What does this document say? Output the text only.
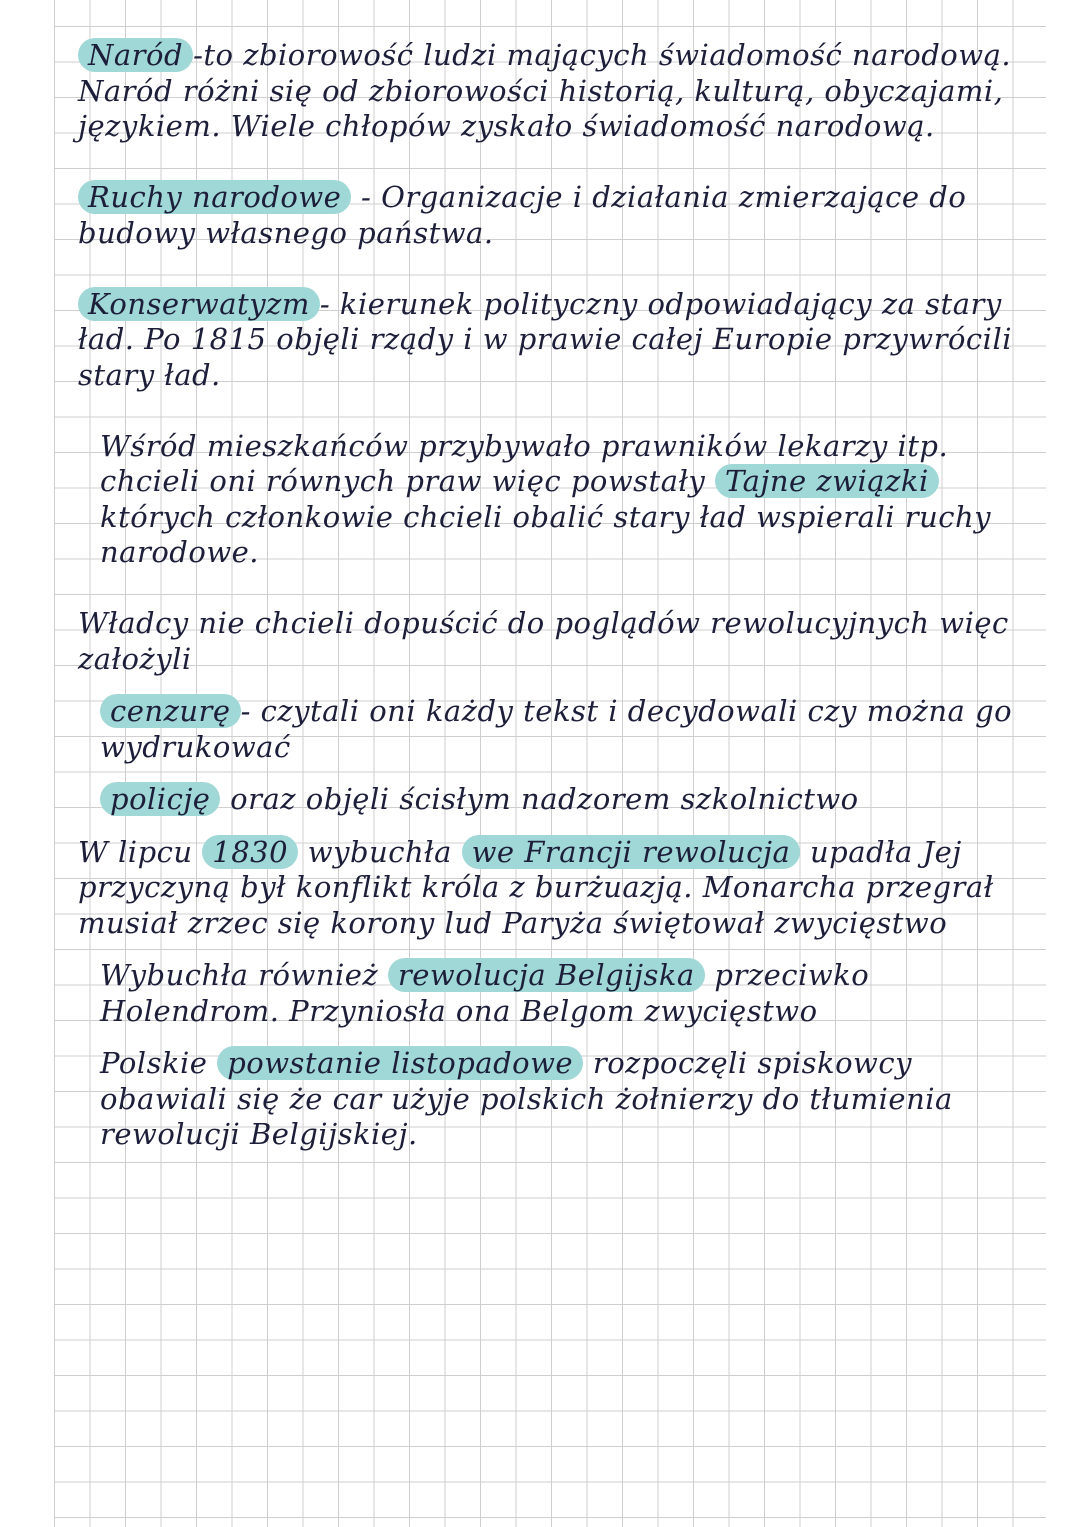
Naród -to zbiorowość ludzi mających świadomość narodową. Naród różni się od zbiorowości historią, kulturą, obyczajami, językiem. Wiele chłopów zyskało świadomość narodową.

Ruchy narodowe - Organizacje i działania zmierzające do budowy własnego państwa.

Konserwatyzm - kierunek polityczny odpowiadający za stary ład. Po 1815 objęli rządy i w prawie całej Europie przywrócili stary ład.

Wśród mieszkańców przybywało prawników lekarzy itp. chcieli oni równych praw więc powstały Tajne związki których członkowie chcieli obalić stary ład wspierali ruchy narodowe.

Władcy nie chcieli dopuścić do poglądów rewolucyjnych więc założyli

cenzurę - czytali oni każdy tekst i decydowali czy można go wydrukować

policję oraz objęli ścisłym nadzorem szkolnictwo

W lipcu 1830 wybuchła we Francji rewolucja upadła Jej przyczyną był konflikt króla z burżuazją. Monarcha przegrał musiał zrzec się korony lud Paryża świętował zwycięstwo

Wybuchła również rewolucja Belgijska przeciwko Holendrom. Przyniosła ona Belgom zwycięstwo

Polskie powstanie listopadowe rozpoczęli spiskowcy obawiali się że car użyje polskich żołnierzy do tłumienia rewolucji Belgijskiej.
